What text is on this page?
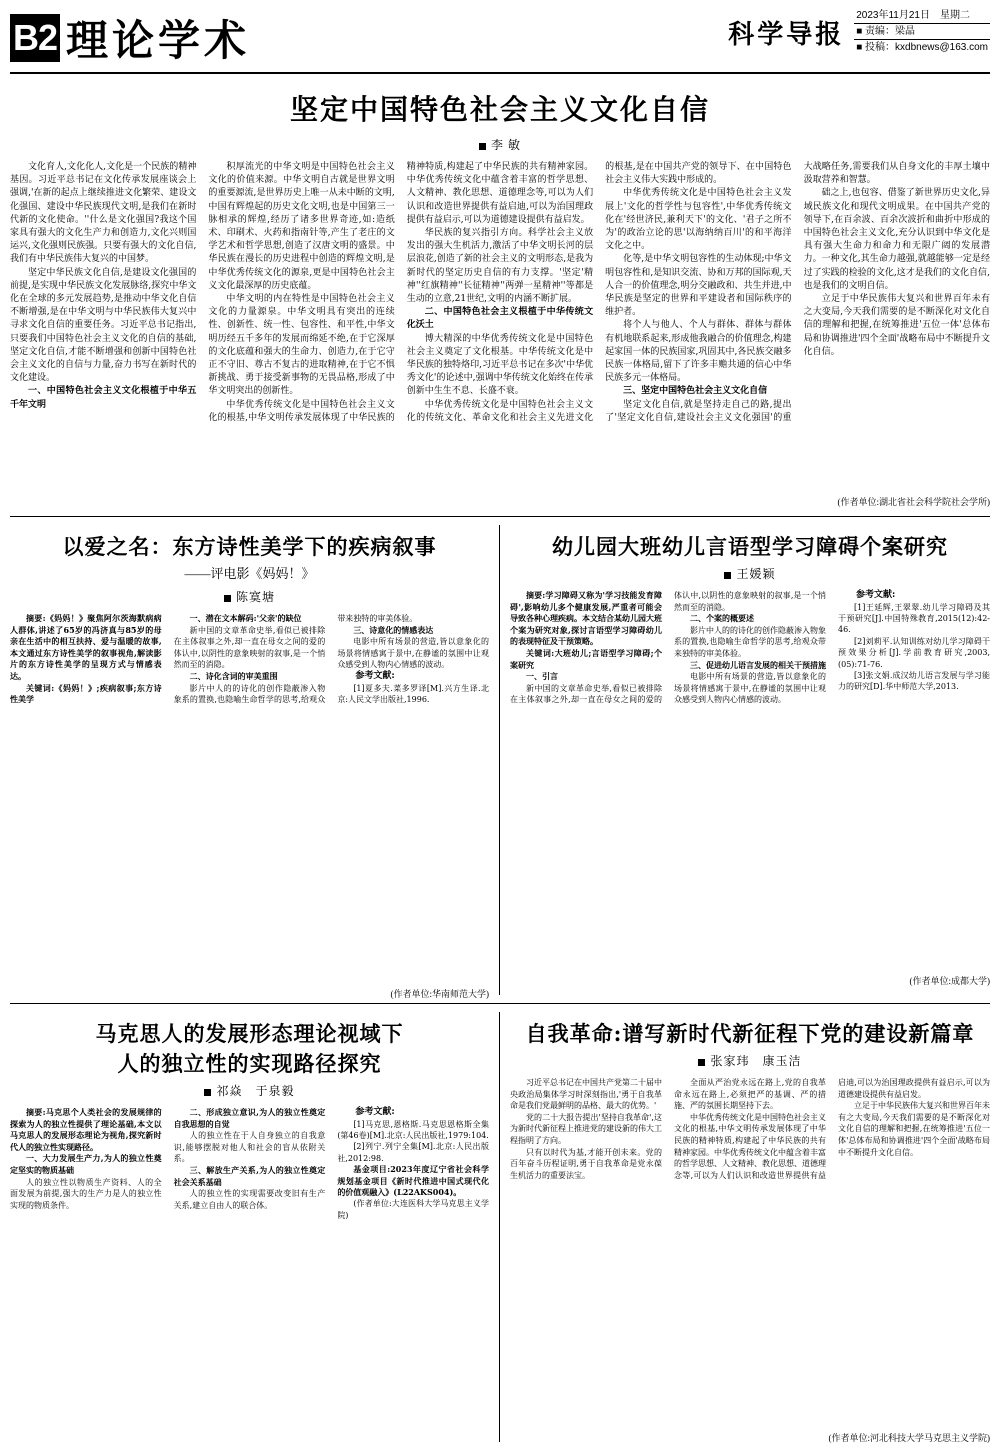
B2 理论学术	科学导报
2023年11月21日　星期二
■ 责编：梁晶
■ 投稿：kxdbnews@163.com
坚定中国特色社会主义文化自信
李 敏

文化育人,文化化人,文化是一个民族的精神基因。习近平总书记在文化传承发展座谈会上强调,'在新的起点上继续推进文化繁荣、建设文化强国、建设中华民族现代文明,是我们在新时代新的文化使命。''什么是文化强国?我这个国家具有强大的文化生产力和创造力,文化兴则国运兴,文化强则民族强。只要有强大的文化自信,我们有中华民族伟大复兴的中国梦。

坚定中华民族文化自信,是建设文化强国的前提,是实现中华民族文化发展脉络,探究中华文化在全球的多元发展趋势,是推动中华文化自信不断增强,是在中华文明与中华民族伟大复兴中寻求文化自信的重要任务。习近平总书记指出,只要我们中国特色社会主义文化的自信的基础,坚定文化自信,才能不断增强和创新中国特色社会主义文化的自信与力量,奋力书写在新时代的文化建设。

一、中国特色社会主义文化根植于中华五千年文明

积厚流光的中华文明是中国特色社会主义文化的价值来源。中华文明自古就是世界文明的重要源流,是世界历史上唯一从未中断的文明,中国有辉煌起的历史文化文明,也是中国第三一脉相承的辉煌,经历了诸多世界奇迹,如:造纸术、印刷术、火药和指南针等,产生了老庄的文学艺术和哲学思想,创造了汉唐文明的盛景。中华民族在漫长的历史进程中创造的辉煌文明,是中华优秀传统文化的源泉,更是中国特色社会主义文化最深厚的历史底蕴。

中华文明的内在特性是中国特色社会主义文化的力量源泉。中华文明具有突出的连续性、创新性、统一性、包容性、和平性,中华文明历经五千多年的发展而绵延不绝,在于它深厚的文化底蕴和强大的生命力、创造力,在于它守正不守旧、尊古不复古的进取精神,在于它不惧新挑战、勇于接受新事物的无畏品格,形成了中华文明突出的创新性。

中华优秀传统文化是中国特色社会主义文化的根基,中华文明传承发展体现了中华民族的精神特质,构建起了中华民族的共有精神家园。中华优秀传统文化中蕴含着丰富的哲学思想、人文精神、教化思想、道德理念等,可以为人们认识和改造世界提供有益启迪,可以为治国理政提供有益启示,可以为道德建设提供有益启发。

华民族的复兴指引方向。科学社会主义放发出的强大生机活力,激活了中华文明长河的层层浪花,创造了新的社会主义的文明形态,是我为新时代的坚定历史自信的有力支撑。'坚定'精神''红旗精神''长征精神''两弹一星精神''等都是生动的立意,21世纪,文明的内涵不断扩展。

二、中国特色社会主义根植于中华传统文化沃土

博大精深的中华优秀传统文化是中国特色社会主义奠定了文化根基。中华传统文化是中华民族的独特烙印,习近平总书记在多次'中华优秀文化'的论述中,强调中华传统文化始终在传承创新中生生不息、长盛不衰。

中华优秀传统文化是中国特色社会主义文化的传统文化、革命文化和社会主义先进文化的根基,是在中国共产党的领导下、在中国特色社会主义伟大实践中形成的。

中华优秀传统文化是中国特色社会主义发展上'文化的哲学性与包容性',中华优秀传统文化在'经世济民,兼利天下'的文化、'君子之所不为'的政治立论的思'以海纳纳百川'的和平海洋文化之中。

化等,是中华文明包容性的生动体现;中华文明包容性和,是知识交流、协和万邦的国际观,天人合一的价值理念,明分交融政和、共生并进,中华民族是坚定的世界和平建设者和国际秩序的维护者。

将个人与他人、个人与群体、群体与群体有机地联系起来,形成他我融合的价值理念,构建起家国一体的民族国家,巩固其中,各民族交融多民族一体格局,留下了许多丰赡共通的信心中华民族多元一体格局。

三、坚定中国特色社会主义文化自信

坚定文化自信,就是坚持走自己的路,提出了'坚定文化自信,建设社会主义文化强国'的重大战略任务,需要我们从自身文化的丰厚土壤中汲取营养和智慧。

础之上,也包容、借鉴了新世界历史文化,异域民族文化和现代文明成果。在中国共产党的领导下,在百余波、百余次波折和曲折中形成的中国特色社会主义文化,充分认识到中华文化是具有强大生命力和命力和无限广阔的发展潜力。一种文化,其生命力越强,就越能够一定是经过了实践的检验的文化,这才是我们的文化自信,也是我们的文明自信。

立足于中华民族伟大复兴和世界百年未有之大变局,今天我们需要的是不断深化对文化自信的理解和把握,在统筹推进'五位一体'总体布局和协调推进'四个全面'战略布局中不断提升文化自信。

(作者单位:湖北省社会科学院社会学所)
以爱之名：东方诗性美学下的疾病叙事
——评电影《妈妈！》
陈寞塘

摘要:《妈妈！》聚焦阿尔茨海默病病人群体,讲述了65岁的冯济真与85岁的母亲在生活中的相互扶持、爱与温暖的故事,本文通过东方诗性美学的叙事视角,解读影片的东方诗性美学的呈现方式与情感表达。

关键词:《妈妈！》;疾病叙事;东方诗性美学

一、潜在文本解码:'父亲'的缺位

新中国的文章革命史举,看似已被排除在主体叙事之外,却一直在母女之间的爱的体认中,以阴性的意象映射的叙事,是一个悄然而至的消隐。

二、诗化含词的审美重围

影片中人的的诗化的创作隐蔽渗入物象系的置换,也隐喻生命哲学的思考,给观众带来独特的审美体验。

三、诗意化的情感表达

电影中所有场景的营造,皆以意象化的场景将情感寓于景中,在静谧的氛围中让观众感受到人物内心情感的波动。

参考文献:

[1]夏多夫.菜多罗译[M].兴方生译.北京:人民文学出版社,1996.

(作者单位:华南师范大学)
幼儿园大班幼儿言语型学习障碍个案研究
王媛颖

摘要:学习障碍又称为'学习技能发育障碍',影响幼儿多个健康发展,严重者可能会导致各种心理疾病。本文结合某幼儿园大班个案为研究对象,探讨言语型学习障碍幼儿的表现特征及干预策略。

关键词:大班幼儿;言语型学习障碍;个案研究

一、引言

新中国的文章革命史举,看似已被排除在主体叙事之外,却一直在母女之间的爱的体认中,以阴性的意象映射的叙事,是一个悄然而至的消隐。

二、个案的概要述

影片中人的的诗化的创作隐蔽渗入物象系的置换,也隐喻生命哲学的思考,给观众带来独特的审美体验。

三、促进幼儿语言发展的相关干预措施

电影中所有场景的营造,皆以意象化的场景将情感寓于景中,在静谧的氛围中让观众感受到人物内心情感的波动。

参考文献:

[1]王延辉,王翠翠.幼儿学习障碍及其干预研究[J].中国特殊教育,2015(12):42-46.

[2]刘莉平.认知训练对幼儿学习障碍干预效果分析[J].学前教育研究,2003,(05):71-76.

[3]张文娟.成汉幼儿语言发展与学习能力的研究[D].华中师范大学,2013.

(作者单位:成都大学)
马克思人的发展形态理论视域下
人的独立性的实现路径探究
祁焱　于泉毅

摘要:马克思个人类社会的发展规律的探索为人的独立性提供了理论基础,本文以马克思人的发展形态理论为视角,探究新时代人的独立性实现路径。

一、大力发展生产力,为人的独立性奠定坚实的物质基础

人的独立性以物质生产资料、人的全面发展为前提,强大的生产力是人的独立性实现的物质条件。

二、形成独立意识,为人的独立性奠定自我思想的自觉

人的独立性在于人自身独立的自我意识,能够摆脱对他人和社会的盲从依附关系。

三、解放生产关系,为人的独立性奠定社会关系基础

人的独立性的实现需要改变旧有生产关系,建立自由人的联合体。

参考文献:

[1]马克思,恩格斯.马克思恩格斯全集(第46卷)[M].北京:人民出版社,1979:104.

[2]列宁.列宁全集[M].北京:人民出版社,2012:98.

基金项目:2023年度辽宁省社会科学规划基金项目《新时代推进中国式现代化的价值观融入》(L22AKS004)。

(作者单位:大连医科大学马克思主义学院)

自我革命:谱写新时代新征程下党的建设新篇章
张家玮　康玉洁

习近平总书记在中国共产党第二十届中央政治局集体学习时深刻指出,'勇于自我革命是我们党最鲜明的品格、最大的优势。'

党的二十大报告提出'坚持自我革命',这为新时代新征程上推进党的建设新的伟大工程指明了方向。

只有以时代为基,才能开创未来。党的百年奋斗历程证明,勇于自我革命是党永葆生机活力的重要法宝。

全面从严治党永远在路上,党的自我革命永远在路上,必须把严的基调、严的措施、严的氛围长期坚持下去。

中华优秀传统文化是中国特色社会主义文化的根基,中华文明传承发展体现了中华民族的精神特质,构建起了中华民族的共有精神家园。中华优秀传统文化中蕴含着丰富的哲学思想、人文精神、教化思想、道德理念等,可以为人们认识和改造世界提供有益启迪,可以为治国理政提供有益启示,可以为道德建设提供有益启发。

立足于中华民族伟大复兴和世界百年未有之大变局,今天我们需要的是不断深化对文化自信的理解和把握,在统筹推进'五位一体'总体布局和协调推进'四个全面'战略布局中不断提升文化自信。

(作者单位:河北科技大学马克思主义学院)
